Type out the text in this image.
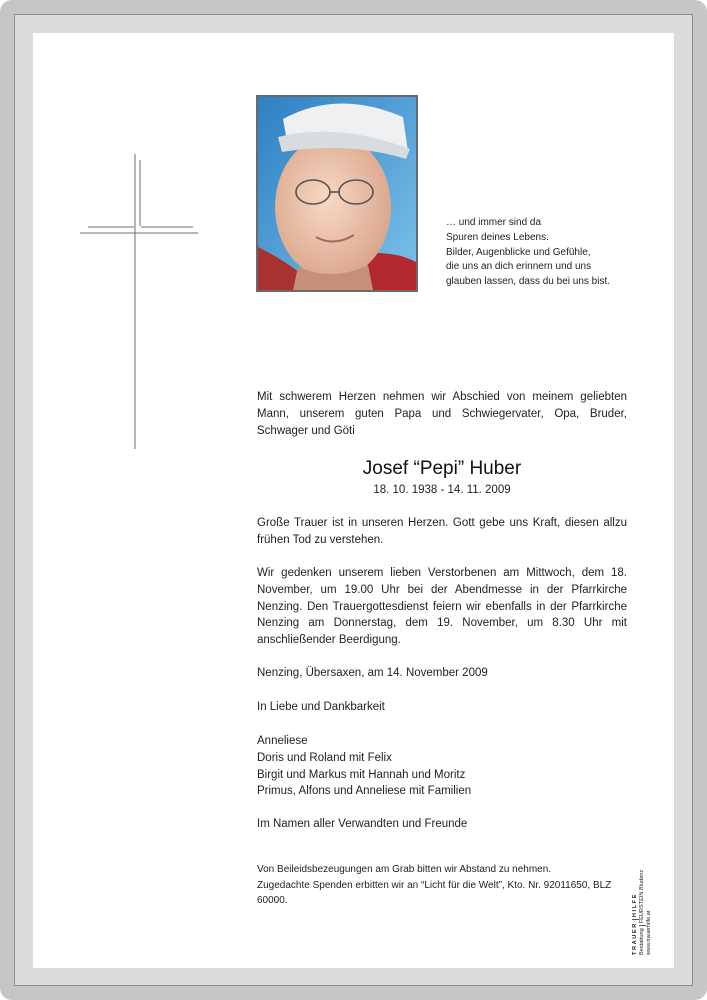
… und immer sind da
Spuren deines Lebens.
Bilder, Augenblicke und Gefühle,
die uns an dich erinnern und uns
glauben lassen, dass du bei uns bist.
Mit schwerem Herzen nehmen wir Abschied von meinem geliebten Mann, unserem guten Papa und Schwiegervater, Opa, Bruder, Schwager und Göti
Josef “Pepi” Huber
18. 10. 1938 - 14. 11. 2009
Große Trauer ist in unseren Herzen. Gott gebe uns Kraft, diesen allzu frühen Tod zu verstehen.
Wir gedenken unserem lieben Verstorbenen am Mittwoch, dem 18. November, um 19.00 Uhr bei der Abendmesse in der Pfarrkirche Nenzing. Den Trauergottesdienst feiern wir ebenfalls in der Pfarrkirche Nenzing am Donnerstag, dem 19. November, um 8.30 Uhr mit anschließender Beerdigung.
Nenzing, Übersaxen, am 14. November 2009
In Liebe und Dankbarkeit
Anneliese
Doris und Roland mit Felix
Birgit und Markus mit Hannah und Moritz
Primus, Alfons und Anneliese mit Familien
Im Namen aller Verwandten und Freunde
Von Beileidsbezeugungen am Grab bitten wir Abstand zu nehmen.
Zugedachte Spenden erbitten wir an “Licht für die Welt”, Kto. Nr. 92011650, BLZ 60000.
TRAUER
HILFE
Bestattung
FEURSTEIN Bludenz
www.trauerhilfe.at
